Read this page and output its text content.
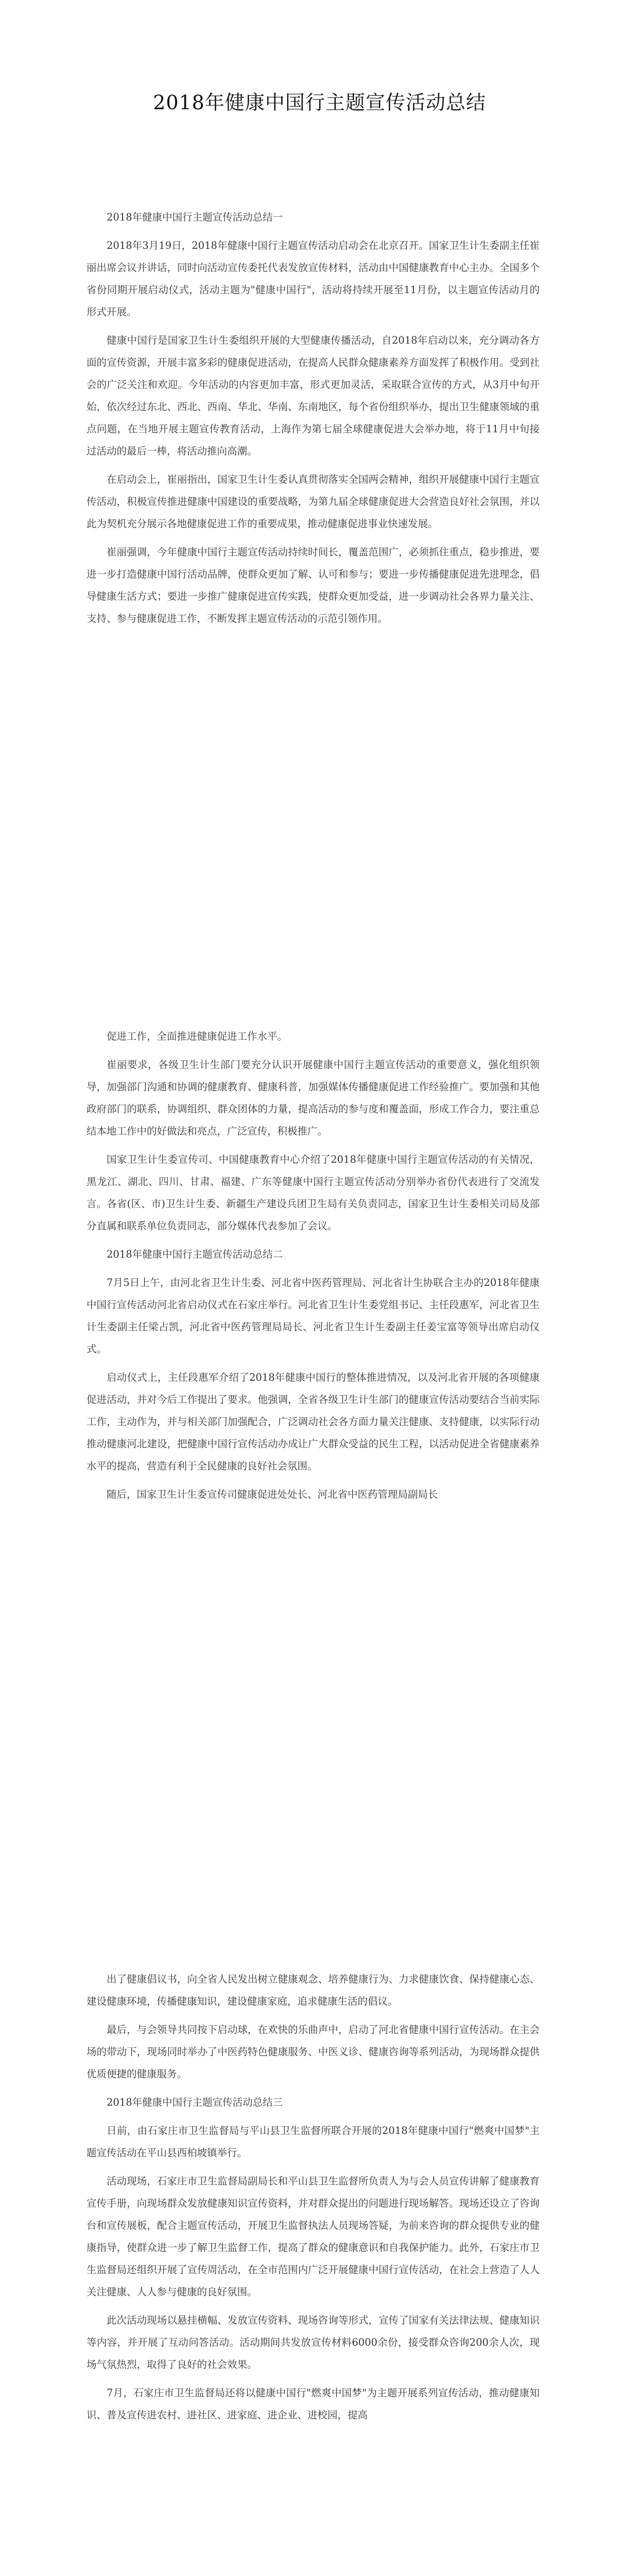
2018年健康中国行主题宣传活动总结

2018年健康中国行主题宣传活动总结一

2018年3月19日，2018年健康中国行主题宣传活动启动会在北京召开。国家卫生计生委副主任崔丽出席会议并讲话，同时向活动宣传委托代表发放宣传材料，活动由中国健康教育中心主办。全国多个省份同期开展启动仪式，活动主题为"健康中国行"，活动将持续开展至11月份，以主题宣传活动月的形式开展。

健康中国行是国家卫生计生委组织开展的大型健康传播活动，自2018年启动以来，充分调动各方面的宣传资源，开展丰富多彩的健康促进活动，在提高人民群众健康素养方面发挥了积极作用。受到社会的广泛关注和欢迎。今年活动的内容更加丰富，形式更加灵活，采取联合宣传的方式，从3月中旬开始，依次经过东北、西北、西南、华北、华南、东南地区，每个省份组织举办，提出卫生健康领域的重点问题，在当地开展主题宣传教育活动，上海作为第七届全球健康促进大会举办地，将于11月中旬接过活动的最后一棒，将活动推向高潮。

在启动会上，崔丽指出，国家卫生计生委认真贯彻落实全国两会精神，组织开展健康中国行主题宣传活动，积极宣传推进健康中国建设的重要战略，为第九届全球健康促进大会营造良好社会氛围，并以此为契机充分展示各地健康促进工作的重要成果，推动健康促进事业快速发展。

崔丽强调，今年健康中国行主题宣传活动持续时间长，覆盖范围广，必须抓住重点，稳步推进，要进一步打造健康中国行活动品牌，使群众更加了解、认可和参与；要进一步传播健康促进先进理念，倡导健康生活方式；要进一步推广健康促进宣传实践，使群众更加受益，进一步调动社会各界力量关注、支持、参与健康促进工作，不断发挥主题宣传活动的示范引领作用。

促进工作，全面推进健康促进工作水平。

崔丽要求，各级卫生计生部门要充分认识开展健康中国行主题宣传活动的重要意义，强化组织领导，加强部门沟通和协调的健康教育、健康科普，加强媒体传播健康促进工作经验推广。要加强和其他政府部门的联系，协调组织、群众团体的力量，提高活动的参与度和覆盖面，形成工作合力，要注重总结本地工作中的好做法和亮点，广泛宣传，积极推广。

国家卫生计生委宣传司、中国健康教育中心介绍了2018年健康中国行主题宣传活动的有关情况，黑龙江、湖北、四川、甘肃、福建、广东等健康中国行主题宣传活动分别举办省份代表进行了交流发言。各省(区、市)卫生计生委、新疆生产建设兵团卫生局有关负责同志，国家卫生计生委相关司局及部分直属和联系单位负责同志，部分媒体代表参加了会议。

2018年健康中国行主题宣传活动总结二

7月5日上午，由河北省卫生计生委、河北省中医药管理局、河北省计生协联合主办的2018年健康中国行宣传活动河北省启动仪式在石家庄举行。河北省卫生计生委党组书记、主任段惠军，河北省卫生计生委副主任梁占凯，河北省中医药管理局局长、河北省卫生计生委副主任姜宝富等领导出席启动仪式。

启动仪式上，主任段惠军介绍了2018年健康中国行的整体推进情况，以及河北省开展的各项健康促进活动，并对今后工作提出了要求。他强调，全省各级卫生计生部门的健康宣传活动要结合当前实际工作，主动作为，并与相关部门加强配合，广泛调动社会各方面力量关注健康、支持健康，以实际行动推动健康河北建设，把健康中国行宣传活动办成让广大群众受益的民生工程，以活动促进全省健康素养水平的提高，营造有利于全民健康的良好社会氛围。

随后，国家卫生计生委宣传司健康促进处处长、河北省中医药管理局副局长

出了健康倡议书，向全省人民发出树立健康观念、培养健康行为、力求健康饮食、保持健康心态、建设健康环境，传播健康知识，建设健康家庭，追求健康生活的倡议。

最后，与会领导共同按下启动球，在欢快的乐曲声中，启动了河北省健康中国行宣传活动。在主会场的带动下，现场同时举办了中医药特色健康服务、中医义诊、健康咨询等系列活动，为现场群众提供优质便捷的健康服务。

2018年健康中国行主题宣传活动总结三

日前，由石家庄市卫生监督局与平山县卫生监督所联合开展的2018年健康中国行"燃爽中国梦"主题宣传活动在平山县西柏坡镇举行。

活动现场，石家庄市卫生监督局副局长和平山县卫生监督所负责人为与会人员宣传讲解了健康教育宣传手册，向现场群众发放健康知识宣传资料，并对群众提出的问题进行现场解答。现场还设立了咨询台和宣传展板，配合主题宣传活动，开展卫生监督执法人员现场答疑，为前来咨询的群众提供专业的健康指导，使群众进一步了解卫生监督工作，提高了群众的健康意识和自我保护能力。此外，石家庄市卫生监督局还组织开展了宣传周活动，在全市范围内广泛开展健康中国行宣传活动，在社会上营造了人人关注健康、人人参与健康的良好氛围。

此次活动现场以悬挂横幅、发放宣传资料、现场咨询等形式，宣传了国家有关法律法规、健康知识等内容，并开展了互动问答活动。活动期间共发放宣传材料6000余份，接受群众咨询200余人次，现场气氛热烈，取得了良好的社会效果。

7月，石家庄市卫生监督局还将以健康中国行"燃爽中国梦"为主题开展系列宣传活动，推动健康知识、普及宣传进农村、进社区、进家庭、进企业、进校园，提高
